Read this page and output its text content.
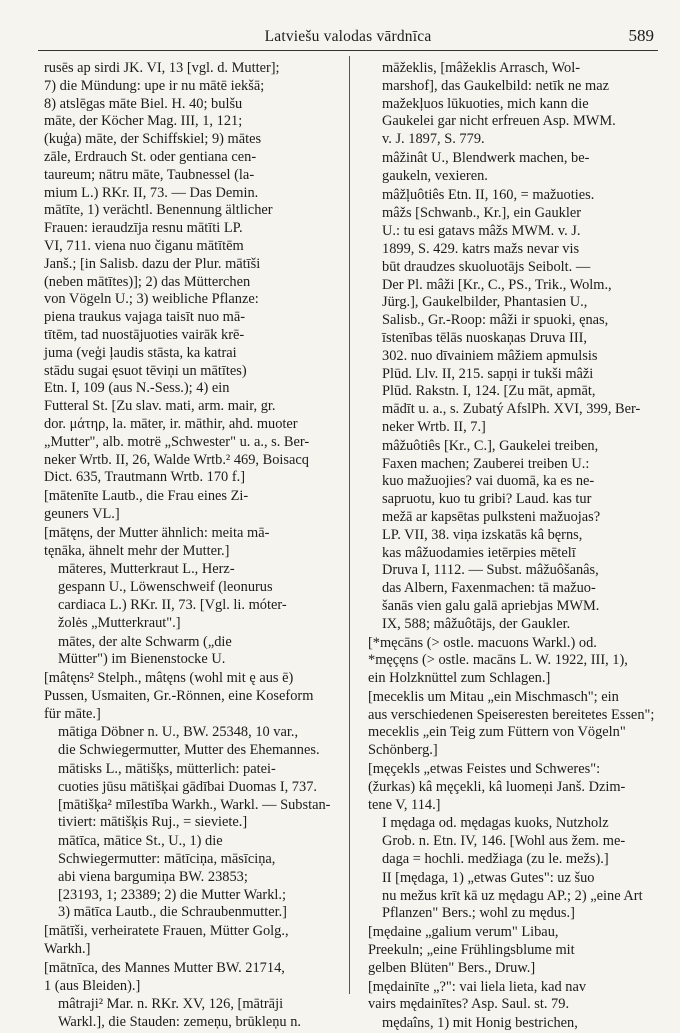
Latviešu valodas vārdnīca	589
rusēs ap sirdi JK. VI, 13 [vgl. d. Mutter];
7) die Mündung: upe ir nu mātē iekšā;
8) atslēgas māte Biel. H. 40; bulšu
māte, der Köcher Mag. III, 1, 121;
(kuģa) māte, der Schiffskiel; 9) mātes
zāle, Erdrauch St. oder gentiana cen-
taureum; nātru māte, Taubnessel (la-
mium L.) RKr. II, 73. — Das Demin.
mātīte, 1) verächtl. Benennung ältlicher
Frauen: ieraudzīja resnu mātīti LP.
VI, 711. viena nuo čiganu mātītēm
Janš.; [in Salisb. dazu der Plur. mātīši
(neben mātītes)]; 2) das Mütterchen
von Vögeln U.; 3) weibliche Pflanze:
piena traukus vajaga taisīt nuo mā-
tītēm, tad nuostājuoties vairāk krē-
juma (veģi ļaudis stāsta, ka katrai
stādu sugai ęsuot tēviņi un mātītes)
Etn. I, 109 (aus N.-Sess.); 4) ein
Futteral St. [Zu slav. mati, arm. mair, gr.
dor. μάτηρ, la. māter, ir. māthir, ahd. muoter
„Mutter", alb. motrë „Schwester" u. a., s. Ber-
neker Wrtb. II, 26, Walde Wrtb.² 469, Boisacq
Dict. 635, Trautmann Wrtb. 170 f.]
[mātenīte Lautb., die Frau eines Zi-
geuners VL.]
[mātęns, der Mutter ähnlich: meita mā-
tęnāka, ähnelt mehr der Mutter.]
māteres, Mutterkraut L., Herz-
gespann U., Löwenschweif (leonurus
cardiaca L.) RKr. II, 73. [Vgl. li. móter-
žolės „Mutterkraut".]
mātes, der alte Schwarm („die
Mütter") im Bienenstocke U.
[mâtęns² Stelph., mâtęns (wohl mit ę aus ē)
Pussen, Usmaiten, Gr.-Rönnen, eine Koseform
für māte.]
mātiga Döbner n. U., BW. 25348, 10 var.,
die Schwiegermutter, Mutter des Ehemannes.
mātisks L., mātišķs, mütterlich: patei-
cuoties jūsu mātišķai gādībai Duomas I, 737.
[mātišķa² mīlestība Warkh., Warkl. — Substan-
tiviert: mātišķis Ruj., = sieviete.]
mātīca, mātice St., U., 1) die
Schwiegermutter: mātīciņa, māsīciņa,
abi viena bargumiņa BW. 23853;
[23193, 1; 23389; 2) die Mutter Warkl.;
3) mātīca Lautb., die Schraubenmutter.]
[mātīši, verheiratete Frauen, Mütter Golg.,
Warkh.]
[mātnīca, des Mannes Mutter BW. 21714,
1 (aus Bleiden).]
mâtraji² Mar. n. RKr. XV, 126, [mātrāji
Warkl.], die Stauden: zemeņu, brūkleņu n.
māžeklis, [mâžeklis Arrasch, Wol-
marshof], das Gaukelbild: netīk ne maz
mažekļuos lūkuoties, mich kann die
Gaukelei gar nicht erfreuen Asp. MWM.
v. J. 1897, S. 779.
mâžinât U., Blendwerk machen, be-
gaukeln, vexieren.
mâžļuôtiês Etn. II, 160, = mažuoties.
mâžs [Schwanb., Kr.], ein Gaukler
U.: tu esi gatavs mâžs MWM. v. J.
1899, S. 429. katrs mažs nevar vis
būt draudzes skuoluotājs Seibolt. —
Der Pl. mâži [Kr., C., PS., Trik., Wolm.,
Jürg.], Gaukelbilder, Phantasien U.,
Salisb., Gr.-Roop: mâži ir spuoki, ęnas,
īstenības tēlās nuoskaņas Druva III,
302. nuo dīvainiem mâžiem apmulsis
Plūd. Llv. II, 215. sapņi ir tukši mâži
Plūd. Rakstn. I, 124. [Zu māt, apmāt,
mādīt u. a., s. Zubatý AfslPh. XVI, 399, Ber-
neker Wrtb. II, 7.]
mâžuôtiês [Kr., C.], Gaukelei treiben,
Faxen machen; Zauberei treiben U.:
kuo mažuojies? vai duomā, ka es ne-
sapruotu, kuo tu gribi? Laud. kas tur
mežā ar kapsētas pulksteni mažuojas?
LP. VII, 38. viņa izskatās kâ bęrns,
kas mâžuodamies ietērpies mētelī
Druva I, 1112. — Subst. mâžuôšanâs,
das Albern, Faxenmachen: tā mažuo-
šanās vien galu galā apriebjas MWM.
IX, 588; mâžuôtājs, der Gaukler.
[*męcāns (> ostle. macuons Warkl.) od.
*męçęns (> ostle. macāns L. W. 1922, III, 1),
ein Holzknüttel zum Schlagen.]
[meceklis um Mitau „ein Mischmasch"; ein
aus verschiedenen Speiseresten bereitetes Essen";
meceklis „ein Teig zum Füttern von Vögeln"
Schönberg.]
[męçekls „etwas Feistes und Schweres":
(žurkas) kâ męçekli, kâ luomeņi Janš. Dzim-
tene V, 114.]
I mędaga od. mędagas kuoks, Nutzholz
Grob. n. Etn. IV, 146. [Wohl aus žem. me-
daga = hochli. medžiaga (zu le. mežs).]
II [mędaga, 1) „etwas Gutes": uz šuo
nu mežus krīt kā uz mędagu AP.; 2) „eine Art
Pflanzen" Bers.; wohl zu mędus.]
[mędaine „galium verum" Libau,
Preekuln; „eine Frühlingsblume mit
gelben Blüten" Bers., Druw.]
[mędainīte „?": vai liela lieta, kad nav
vairs mędainītes? Asp. Saul. st. 79.
mędaîns, 1) mit Honig bestrichen,
